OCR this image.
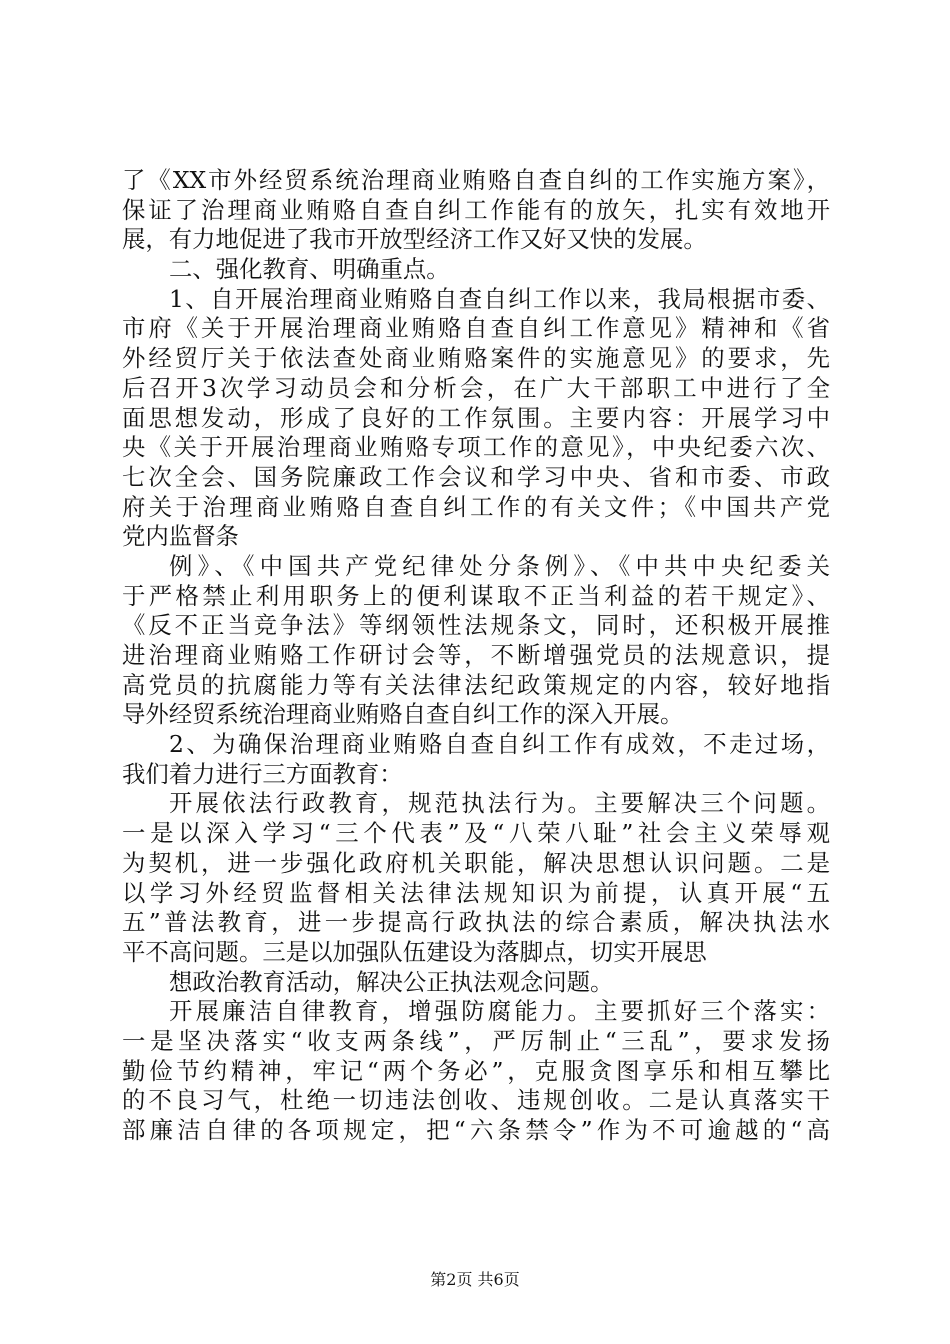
了《XX市外经贸系统治理商业贿赂自查自纠的工作实施方案》，
保证了治理商业贿赂自查自纠工作能有的放矢，扎实有效地开
展，有力地促进了我市开放型经济工作又好又快的发展。
二、强化教育、明确重点。
1、自开展治理商业贿赂自查自纠工作以来，我局根据市委、
市府《关于开展治理商业贿赂自查自纠工作意见》精神和《省
外经贸厅关于依法查处商业贿赂案件的实施意见》的要求，先
后召开3次学习动员会和分析会，在广大干部职工中进行了全
面思想发动，形成了良好的工作氛围。主要内容：开展学习中
央《关于开展治理商业贿赂专项工作的意见》，中央纪委六次、
七次全会、国务院廉政工作会议和学习中央、省和市委、市政
府关于治理商业贿赂自查自纠工作的有关文件；《中国共产党
党内监督条
例》、《中国共产党纪律处分条例》、《中共中央纪委关
于严格禁止利用职务上的便利谋取不正当利益的若干规定》、
《反不正当竞争法》等纲领性法规条文，同时，还积极开展推
进治理商业贿赂工作研讨会等，不断增强党员的法规意识，提
高党员的抗腐能力等有关法律法纪政策规定的内容，较好地指
导外经贸系统治理商业贿赂自查自纠工作的深入开展。
2、为确保治理商业贿赂自查自纠工作有成效，不走过场，
我们着力进行三方面教育：
开展依法行政教育，规范执法行为。主要解决三个问题。
一是以深入学习“三个代表”及“八荣八耻”社会主义荣辱观
为契机，进一步强化政府机关职能，解决思想认识问题。二是
以学习外经贸监督相关法律法规知识为前提，认真开展“五
五”普法教育，进一步提高行政执法的综合素质，解决执法水
平不高问题。三是以加强队伍建设为落脚点，切实开展思
想政治教育活动，解决公正执法观念问题。
开展廉洁自律教育，增强防腐能力。主要抓好三个落实：
一是坚决落实“收支两条线”，严厉制止“三乱”，要求发扬
勤俭节约精神，牢记“两个务必”，克服贪图享乐和相互攀比
的不良习气，杜绝一切违法创收、违规创收。二是认真落实干
部廉洁自律的各项规定，把“六条禁令”作为不可逾越的“高
第2页 共6页
